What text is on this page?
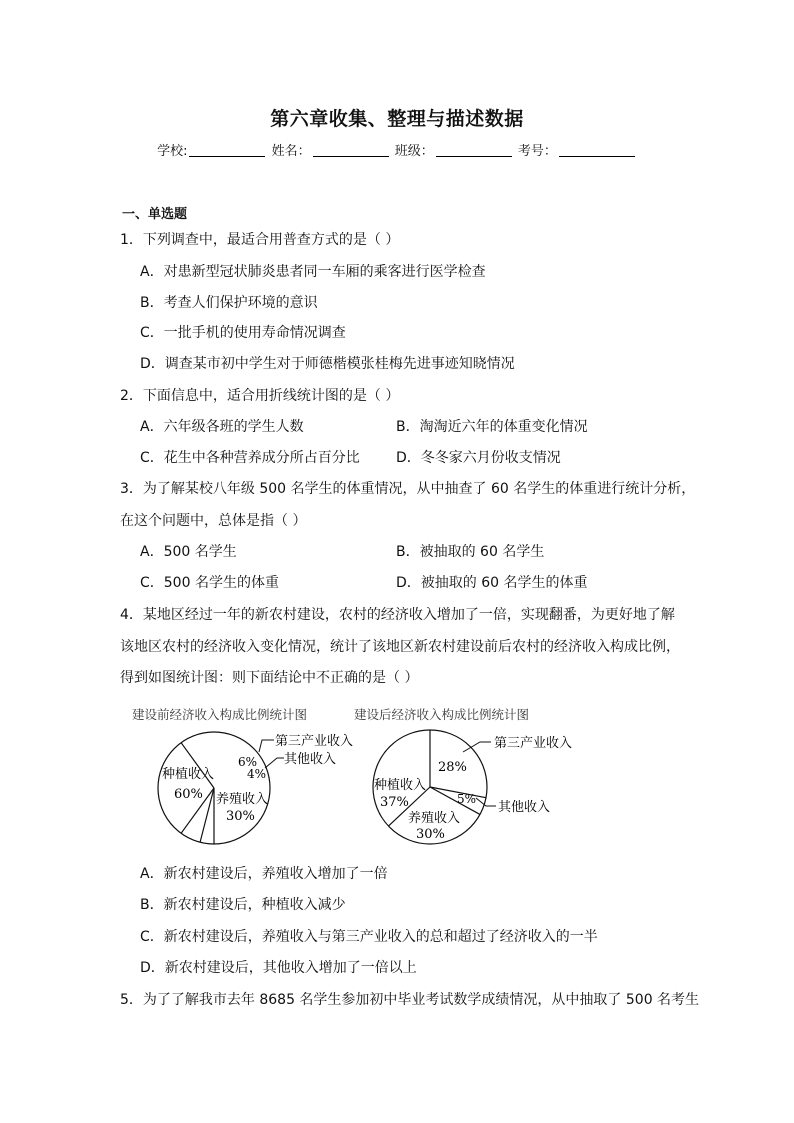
第六章收集、整理与描述数据
学校:	姓名：	班级：	考号：
一、单选题
1．下列调查中，最适合用普查方式的是（ ）
A．对患新型冠状肺炎患者同一车厢的乘客进行医学检查
B．考查人们保护环境的意识
C．一批手机的使用寿命情况调查
D．调查某市初中学生对于师德楷模张桂梅先进事迹知晓情况
2．下面信息中，适合用折线统计图的是（ ）
A．六年级各班的学生人数	B．淘淘近六年的体重变化情况
C．花生中各种营养成分所占百分比	D．冬冬家六月份收支情况
3．为了解某校八年级 500 名学生的体重情况，从中抽查了 60 名学生的体重进行统计分析，
在这个问题中，总体是指（ ）
A．500 名学生	B．被抽取的 60 名学生
C．500 名学生的体重	D．被抽取的 60 名学生的体重
4．某地区经过一年的新农村建设，农村的经济收入增加了一倍，实现翻番，为更好地了解
该地区农村的经济收入变化情况，统计了该地区新农村建设前后农村的经济收入构成比例，
得到如图统计图：则下面结论中不正确的是（ ）
建设前经济收入构成比例统计图
种植收入
60% 养殖收入
30%
6%
4%
第三产业收入
其他收入
建设后经济收入构成比例统计图
28%
5%
养殖收入
30%
种植收入
37%
第三产业收入
其他收入
A．新农村建设后，养殖收入增加了一倍
B．新农村建设后，种植收入减少
C．新农村建设后，养殖收入与第三产业收入的总和超过了经济收入的一半
D．新农村建设后，其他收入增加了一倍以上
5．为了了解我市去年 8685 名学生参加初中毕业考试数学成绩情况，从中抽取了 500 名考生
